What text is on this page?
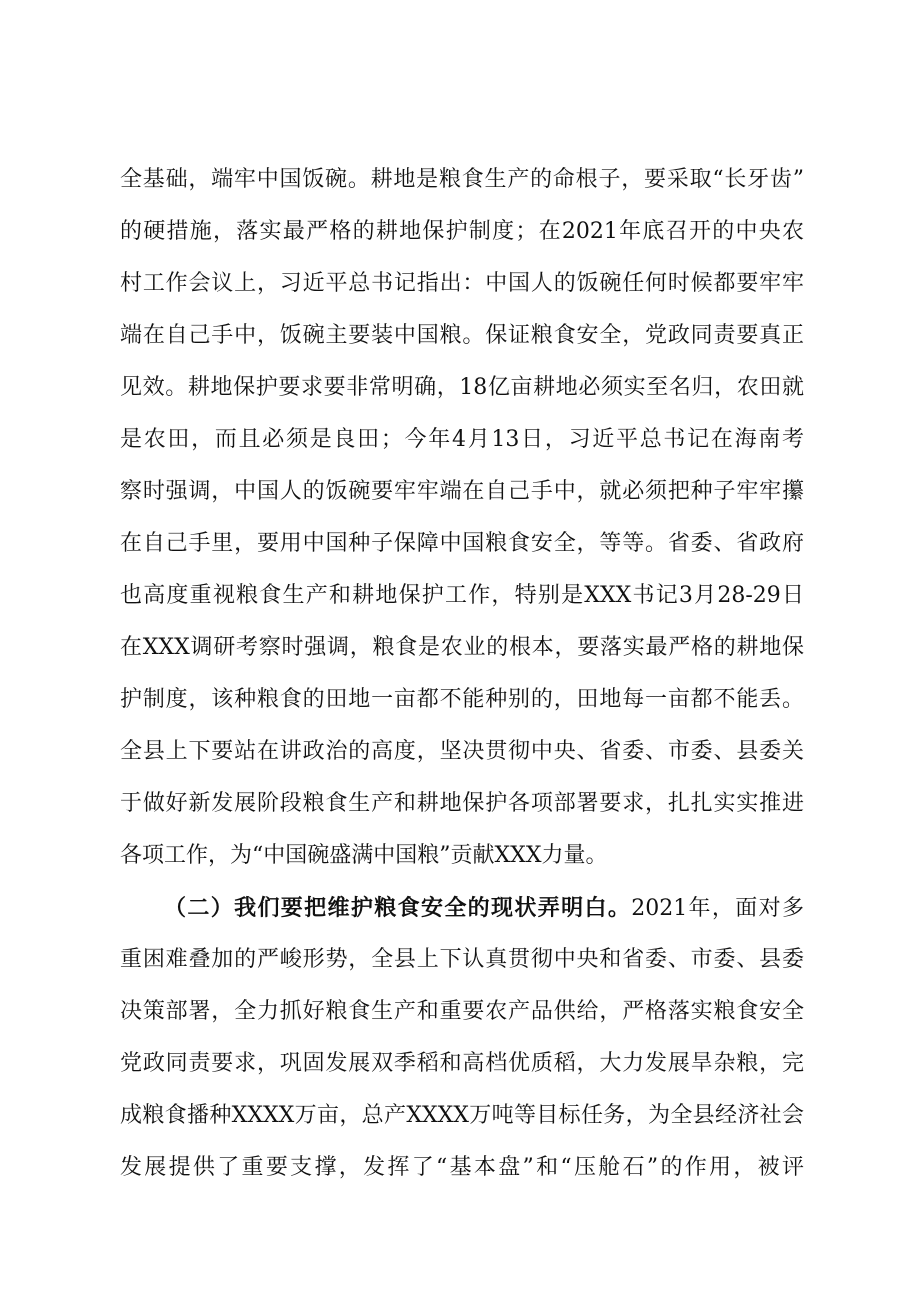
全基础，端牢中国饭碗。耕地是粮食生产的命根子，要采取“长牙齿”
的硬措施，落实最严格的耕地保护制度；在2021年底召开的中央农
村工作会议上，习近平总书记指出：中国人的饭碗任何时候都要牢牢
端在自己手中，饭碗主要装中国粮。保证粮食安全，党政同责要真正
见效。耕地保护要求要非常明确，18亿亩耕地必须实至名归，农田就
是农田，而且必须是良田；今年4月13日，习近平总书记在海南考
察时强调，中国人的饭碗要牢牢端在自己手中，就必须把种子牢牢攥
在自己手里，要用中国种子保障中国粮食安全，等等。省委、省政府
也高度重视粮食生产和耕地保护工作，特别是XXX书记3月28-29日
在XXX调研考察时强调，粮食是农业的根本，要落实最严格的耕地保
护制度，该种粮食的田地一亩都不能种别的，田地每一亩都不能丢。
全县上下要站在讲政治的高度，坚决贯彻中央、省委、市委、县委关
于做好新发展阶段粮食生产和耕地保护各项部署要求，扎扎实实推进
各项工作，为“中国碗盛满中国粮”贡献XXX力量。
（二）我们要把维护粮食安全的现状弄明白。2021年，面对多
重困难叠加的严峻形势，全县上下认真贯彻中央和省委、市委、县委
决策部署，全力抓好粮食生产和重要农产品供给，严格落实粮食安全
党政同责要求，巩固发展双季稻和高档优质稻，大力发展旱杂粮，完
成粮食播种XXXX万亩，总产XXXX万吨等目标任务，为全县经济社会
发展提供了重要支撑，发挥了“基本盘”和“压舱石”的作用，被评
